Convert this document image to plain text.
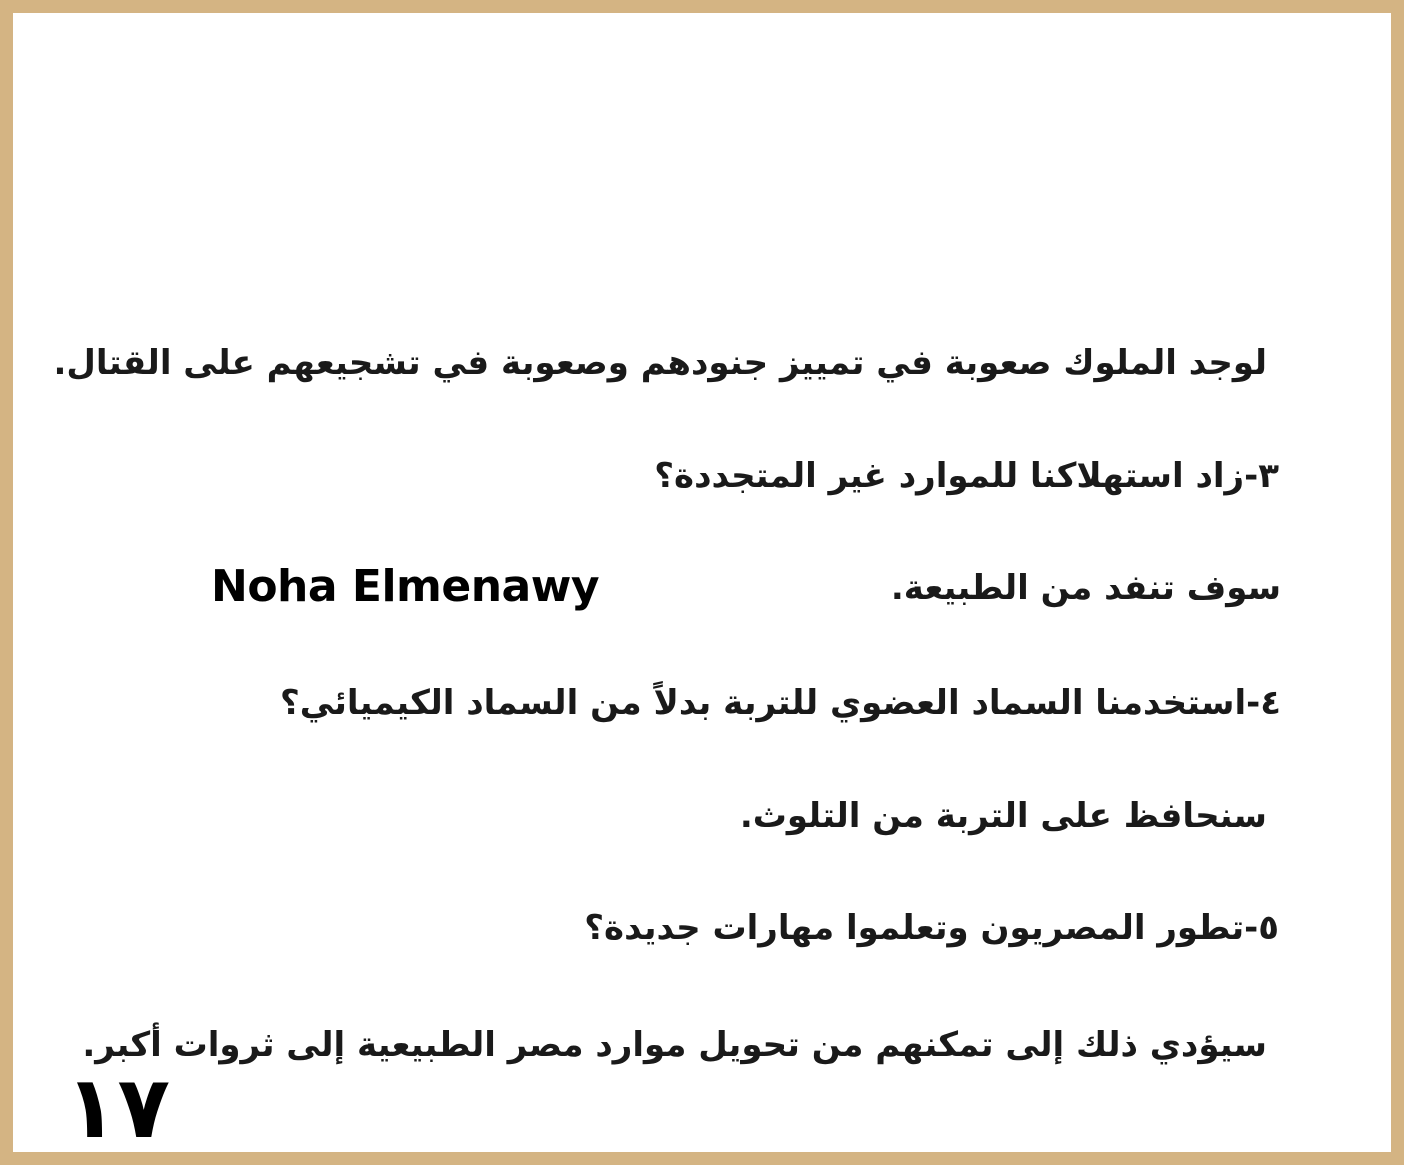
لوجد الملوك صعوبة في تمييز جنودهم وصعوبة في تشجيعهم على القتال.
٣-زاد استهلاكنا للموارد غير المتجددة؟
سوف تنفد من الطبيعة.
Noha Elmenawy
٤-استخدمنا السماد العضوي للتربة بدلاً من السماد الكيميائي؟
سنحافظ على التربة من التلوث.
٥-تطور المصريون وتعلموا مهارات جديدة؟
سيؤدي ذلك إلى تمكنهم من تحويل موارد مصر الطبيعية إلى ثروات أكبر.
١٧
